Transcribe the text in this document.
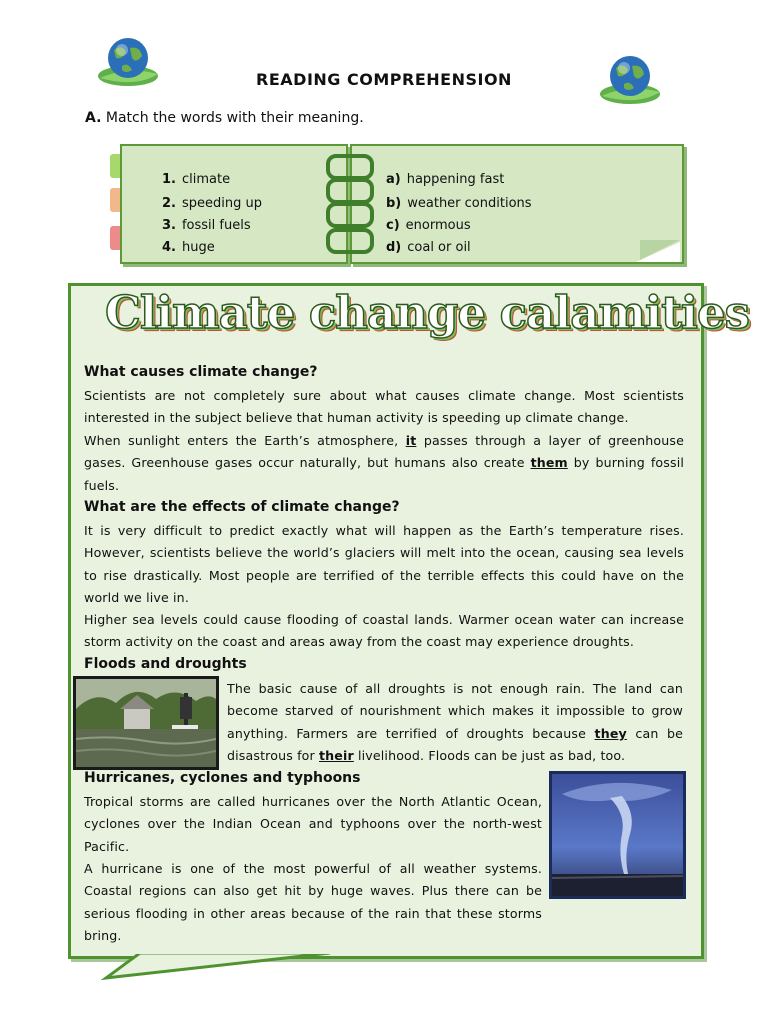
READING COMPREHENSION
A. Match the words with their meaning.
1. climate
2. speeding up
3. fossil fuels
4. huge
a) happening fast
b) weather conditions
c) enormous
d) coal or oil
Climate change calamities
What causes climate change?
Scientists are not completely sure about what causes climate change. Most scientists interested in the subject believe that human activity is speeding up climate change.
When sunlight enters the Earth’s atmosphere, it passes through a layer of greenhouse gases. Greenhouse gases occur naturally, but humans also create them by burning fossil fuels.
What are the effects of climate change?
It is very difficult to predict exactly what will happen as the Earth’s temperature rises. However, scientists believe the world’s glaciers will melt into the ocean, causing sea levels to rise drastically. Most people are terrified of the terrible effects this could have on the world we live in.
Higher sea levels could cause flooding of coastal lands. Warmer ocean water can increase storm activity on the coast and areas away from the coast may experience droughts.
Floods and droughts
The basic cause of all droughts is not enough rain. The land can become starved of nourishment which makes it impossible to grow anything. Farmers are terrified of droughts because they can be disastrous for their livelihood. Floods can be just as bad, too.
Hurricanes, cyclones and typhoons
Tropical storms are called hurricanes over the North Atlantic Ocean, cyclones over the Indian Ocean and typhoons over the north-west Pacific.
A hurricane is one of the most powerful of all weather systems. Coastal regions can also get hit by huge waves. Plus there can be serious flooding in other areas because of the rain that these storms bring.
